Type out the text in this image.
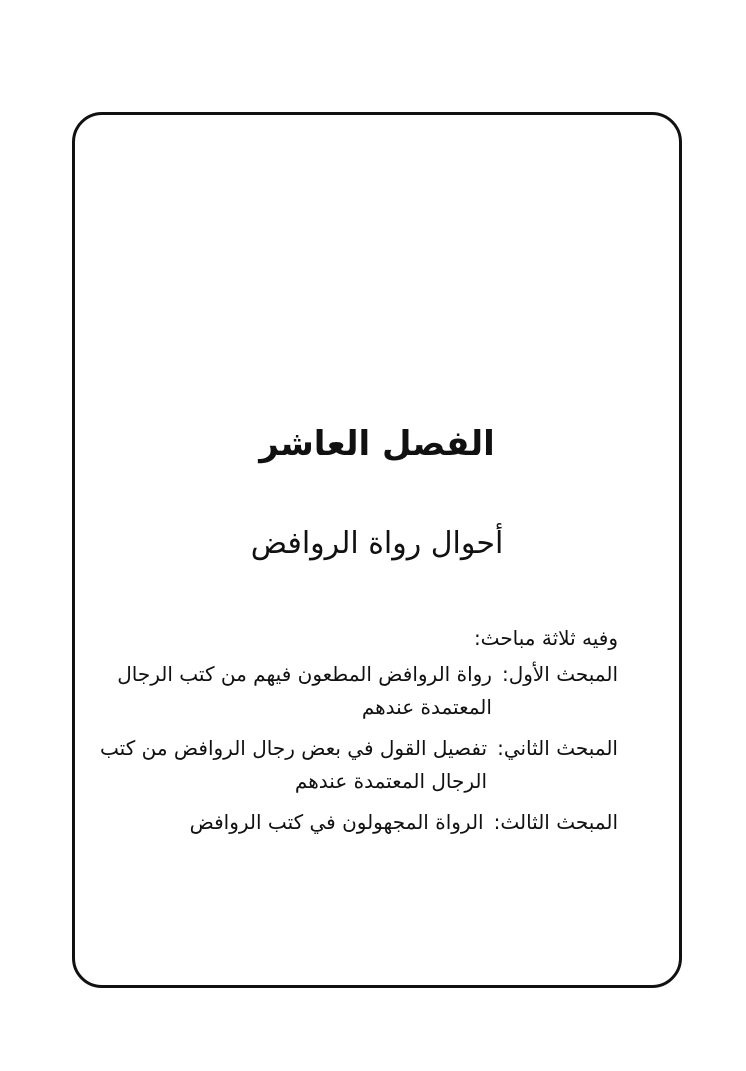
الفصل العاشر
أحوال رواة الروافض

وفيه ثلاثة مباحث:

المبحث الأول:
رواة الروافض المطعون فيهم من كتب الرجال المعتمدة عندهم
المبحث الثاني:
تفصيل القول في بعض رجال الروافض من كتب الرجال المعتمدة عندهم
المبحث الثالث:
الرواة المجهولون في كتب الروافض
